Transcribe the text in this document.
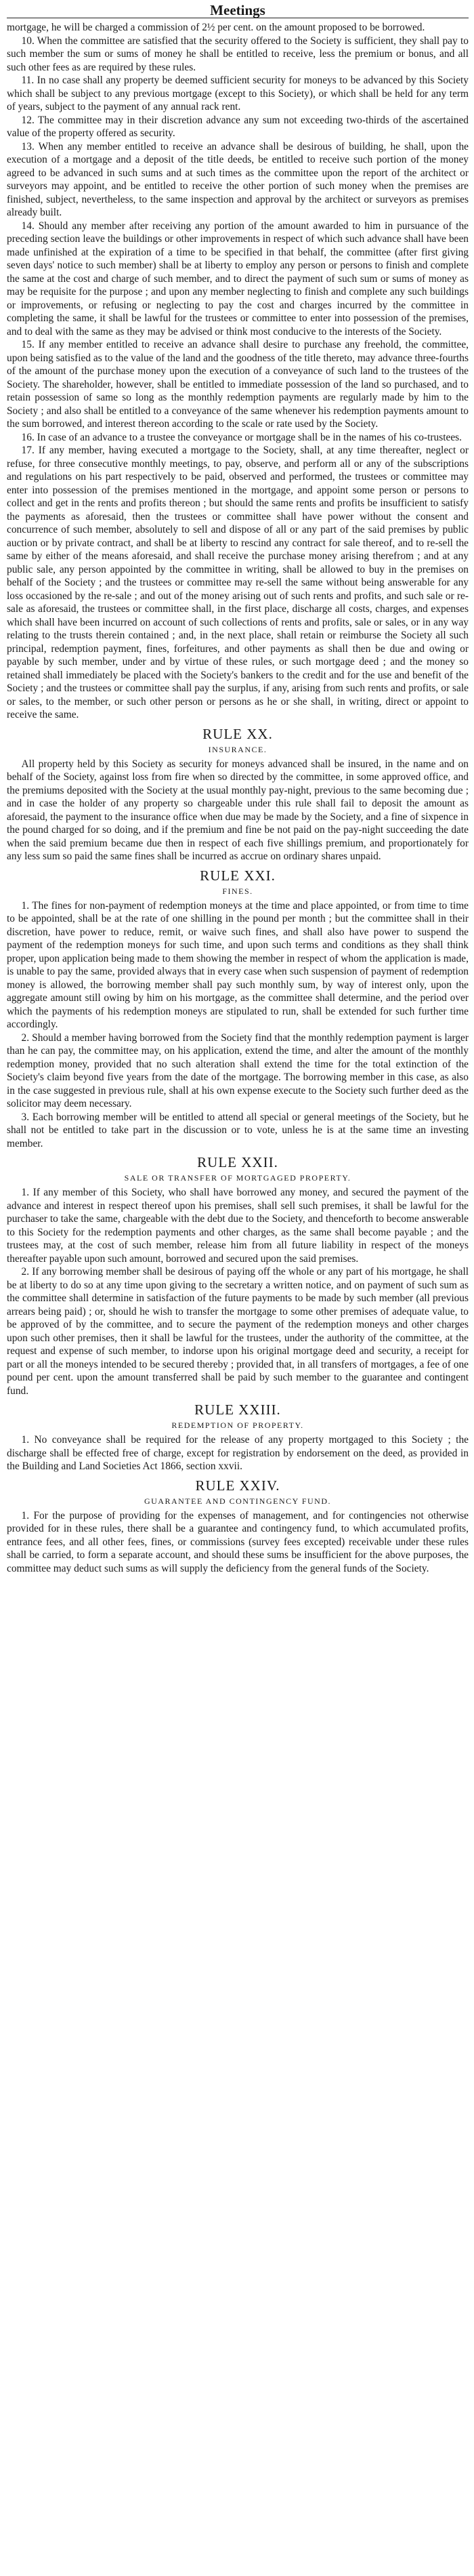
Meetings

mortgage, he will be charged a commission of 2½ per cent. on the amount proposed to be borrowed.

10. When the committee are satisfied that the security offered to the Society is sufficient, they shall pay to such member the sum or sums of money he shall be entitled to receive, less the premium or bonus, and all such other fees as are required by these rules.

11. In no case shall any property be deemed sufficient security for moneys to be advanced by this Society which shall be subject to any previous mortgage (except to this Society), or which shall be held for any term of years, subject to the payment of any annual rack rent.

12. The committee may in their discretion advance any sum not exceeding two-thirds of the ascertained value of the property offered as security.

13. When any member entitled to receive an advance shall be desirous of building, he shall, upon the execution of a mortgage and a deposit of the title deeds, be entitled to receive such portion of the money agreed to be advanced in such sums and at such times as the committee upon the report of the architect or surveyors may appoint, and be entitled to receive the other portion of such money when the premises are finished, subject, nevertheless, to the same inspection and approval by the architect or surveyors as premises already built.

14. Should any member after receiving any portion of the amount awarded to him in pursuance of the preceding section leave the buildings or other improvements in respect of which such advance shall have been made unfinished at the expiration of a time to be specified in that behalf, the committee (after first giving seven days' notice to such member) shall be at liberty to employ any person or persons to finish and complete the same at the cost and charge of such member, and to direct the payment of such sum or sums of money as may be requisite for the purpose ; and upon any member neglecting to finish and complete any such buildings or improvements, or refusing or neglecting to pay the cost and charges incurred by the committee in completing the same, it shall be lawful for the trustees or committee to enter into possession of the premises, and to deal with the same as they may be advised or think most conducive to the interests of the Society.

15. If any member entitled to receive an advance shall desire to purchase any freehold, the committee, upon being satisfied as to the value of the land and the goodness of the title thereto, may advance three-fourths of the amount of the purchase money upon the execution of a conveyance of such land to the trustees of the Society. The shareholder, however, shall be entitled to immediate possession of the land so purchased, and to retain possession of same so long as the monthly redemption payments are regularly made by him to the Society ; and also shall be entitled to a conveyance of the same whenever his redemption payments amount to the sum borrowed, and interest thereon according to the scale or rate used by the Society.

16. In case of an advance to a trustee the conveyance or mortgage shall be in the names of his co-trustees.

17. If any member, having executed a mortgage to the Society, shall, at any time thereafter, neglect or refuse, for three consecutive monthly meetings, to pay, observe, and perform all or any of the subscriptions and regulations on his part respectively to be paid, observed and performed, the trustees or committee may enter into possession of the premises mentioned in the mortgage, and appoint some person or persons to collect and get in the rents and profits thereon ; but should the same rents and profits be insufficient to satisfy the payments as aforesaid, then the trustees or committee shall have power without the consent and concurrence of such member, absolutely to sell and dispose of all or any part of the said premises by public auction or by private contract, and shall be at liberty to rescind any contract for sale thereof, and to re-sell the same by either of the means aforesaid, and shall receive the purchase money arising therefrom ; and at any public sale, any person appointed by the committee in writing, shall be allowed to buy in the premises on behalf of the Society ; and the trustees or committee may re-sell the same without being answerable for any loss occasioned by the re-sale ; and out of the money arising out of such rents and profits, and such sale or re-sale as aforesaid, the trustees or committee shall, in the first place, discharge all costs, charges, and expenses which shall have been incurred on account of such collections of rents and profits, sale or sales, or in any way relating to the trusts therein contained ; and, in the next place, shall retain or reimburse the Society all such principal, redemption payment, fines, forfeitures, and other payments as shall then be due and owing or payable by such member, under and by virtue of these rules, or such mortgage deed ; and the money so retained shall immediately be placed with the Society's bankers to the credit and for the use and benefit of the Society ; and the trustees or committee shall pay the surplus, if any, arising from such rents and profits, or sale or sales, to the member, or such other person or persons as he or she shall, in writing, direct or appoint to receive the same.

RULE XX.
INSURANCE.

All property held by this Society as security for moneys advanced shall be insured, in the name and on behalf of the Society, against loss from fire when so directed by the committee, in some approved office, and the premiums deposited with the Society at the usual monthly pay-night, previous to the same becoming due ; and in case the holder of any property so chargeable under this rule shall fail to deposit the amount as aforesaid, the payment to the insurance office when due may be made by the Society, and a fine of sixpence in the pound charged for so doing, and if the premium and fine be not paid on the pay-night succeeding the date when the said premium became due then in respect of each five shillings premium, and proportionately for any less sum so paid the same fines shall be incurred as accrue on ordinary shares unpaid.

RULE XXI.
FINES.

1. The fines for non-payment of redemption moneys at the time and place appointed, or from time to time to be appointed, shall be at the rate of one shilling in the pound per month ; but the committee shall in their discretion, have power to reduce, remit, or waive such fines, and shall also have power to suspend the payment of the redemption moneys for such time, and upon such terms and conditions as they shall think proper, upon application being made to them showing the member in respect of whom the application is made, is unable to pay the same, provided always that in every case when such suspension of payment of redemption money is allowed, the borrowing member shall pay such monthly sum, by way of interest only, upon the aggregate amount still owing by him on his mortgage, as the committee shall determine, and the period over which the payments of his redemption moneys are stipulated to run, shall be extended for such further time accordingly.

2. Should a member having borrowed from the Society find that the monthly redemption payment is larger than he can pay, the committee may, on his application, extend the time, and alter the amount of the monthly redemption money, provided that no such alteration shall extend the time for the total extinction of the Society's claim beyond five years from the date of the mortgage. The borrowing member in this case, as also in the case suggested in previous rule, shall at his own expense execute to the Society such further deed as the solicitor may deem necessary.

3. Each borrowing member will be entitled to attend all special or general meetings of the Society, but he shall not be entitled to take part in the discussion or to vote, unless he is at the same time an investing member.

RULE XXII.
SALE OR TRANSFER OF MORTGAGED PROPERTY.

1. If any member of this Society, who shall have borrowed any money, and secured the payment of the advance and interest in respect thereof upon his premises, shall sell such premises, it shall be lawful for the purchaser to take the same, chargeable with the debt due to the Society, and thenceforth to become answerable to this Society for the redemption payments and other charges, as the same shall become payable ; and the trustees may, at the cost of such member, release him from all future liability in respect of the moneys thereafter payable upon such amount, borrowed and secured upon the said premises.

2. If any borrowing member shall be desirous of paying off the whole or any part of his mortgage, he shall be at liberty to do so at any time upon giving to the secretary a written notice, and on payment of such sum as the committee shall determine in satisfaction of the future payments to be made by such member (all previous arrears being paid) ; or, should he wish to transfer the mortgage to some other premises of adequate value, to be approved of by the committee, and to secure the payment of the redemption moneys and other charges upon such other premises, then it shall be lawful for the trustees, under the authority of the committee, at the request and expense of such member, to indorse upon his original mortgage deed and security, a receipt for part or all the moneys intended to be secured thereby ; provided that, in all transfers of mortgages, a fee of one pound per cent. upon the amount transferred shall be paid by such member to the guarantee and contingent fund.

RULE XXIII.
REDEMPTION OF PROPERTY.

1. No conveyance shall be required for the release of any property mortgaged to this Society ; the discharge shall be effected free of charge, except for registration by endorsement on the deed, as provided in the Building and Land Societies Act 1866, section xxvii.

RULE XXIV.
GUARANTEE AND CONTINGENCY FUND.

1. For the purpose of providing for the expenses of management, and for contingencies not otherwise provided for in these rules, there shall be a guarantee and contingency fund, to which accumulated profits, entrance fees, and all other fees, fines, or commissions (survey fees excepted) receivable under these rules shall be carried, to form a separate account, and should these sums be insufficient for the above purposes, the committee may deduct such sums as will supply the deficiency from the general funds of the Society.
